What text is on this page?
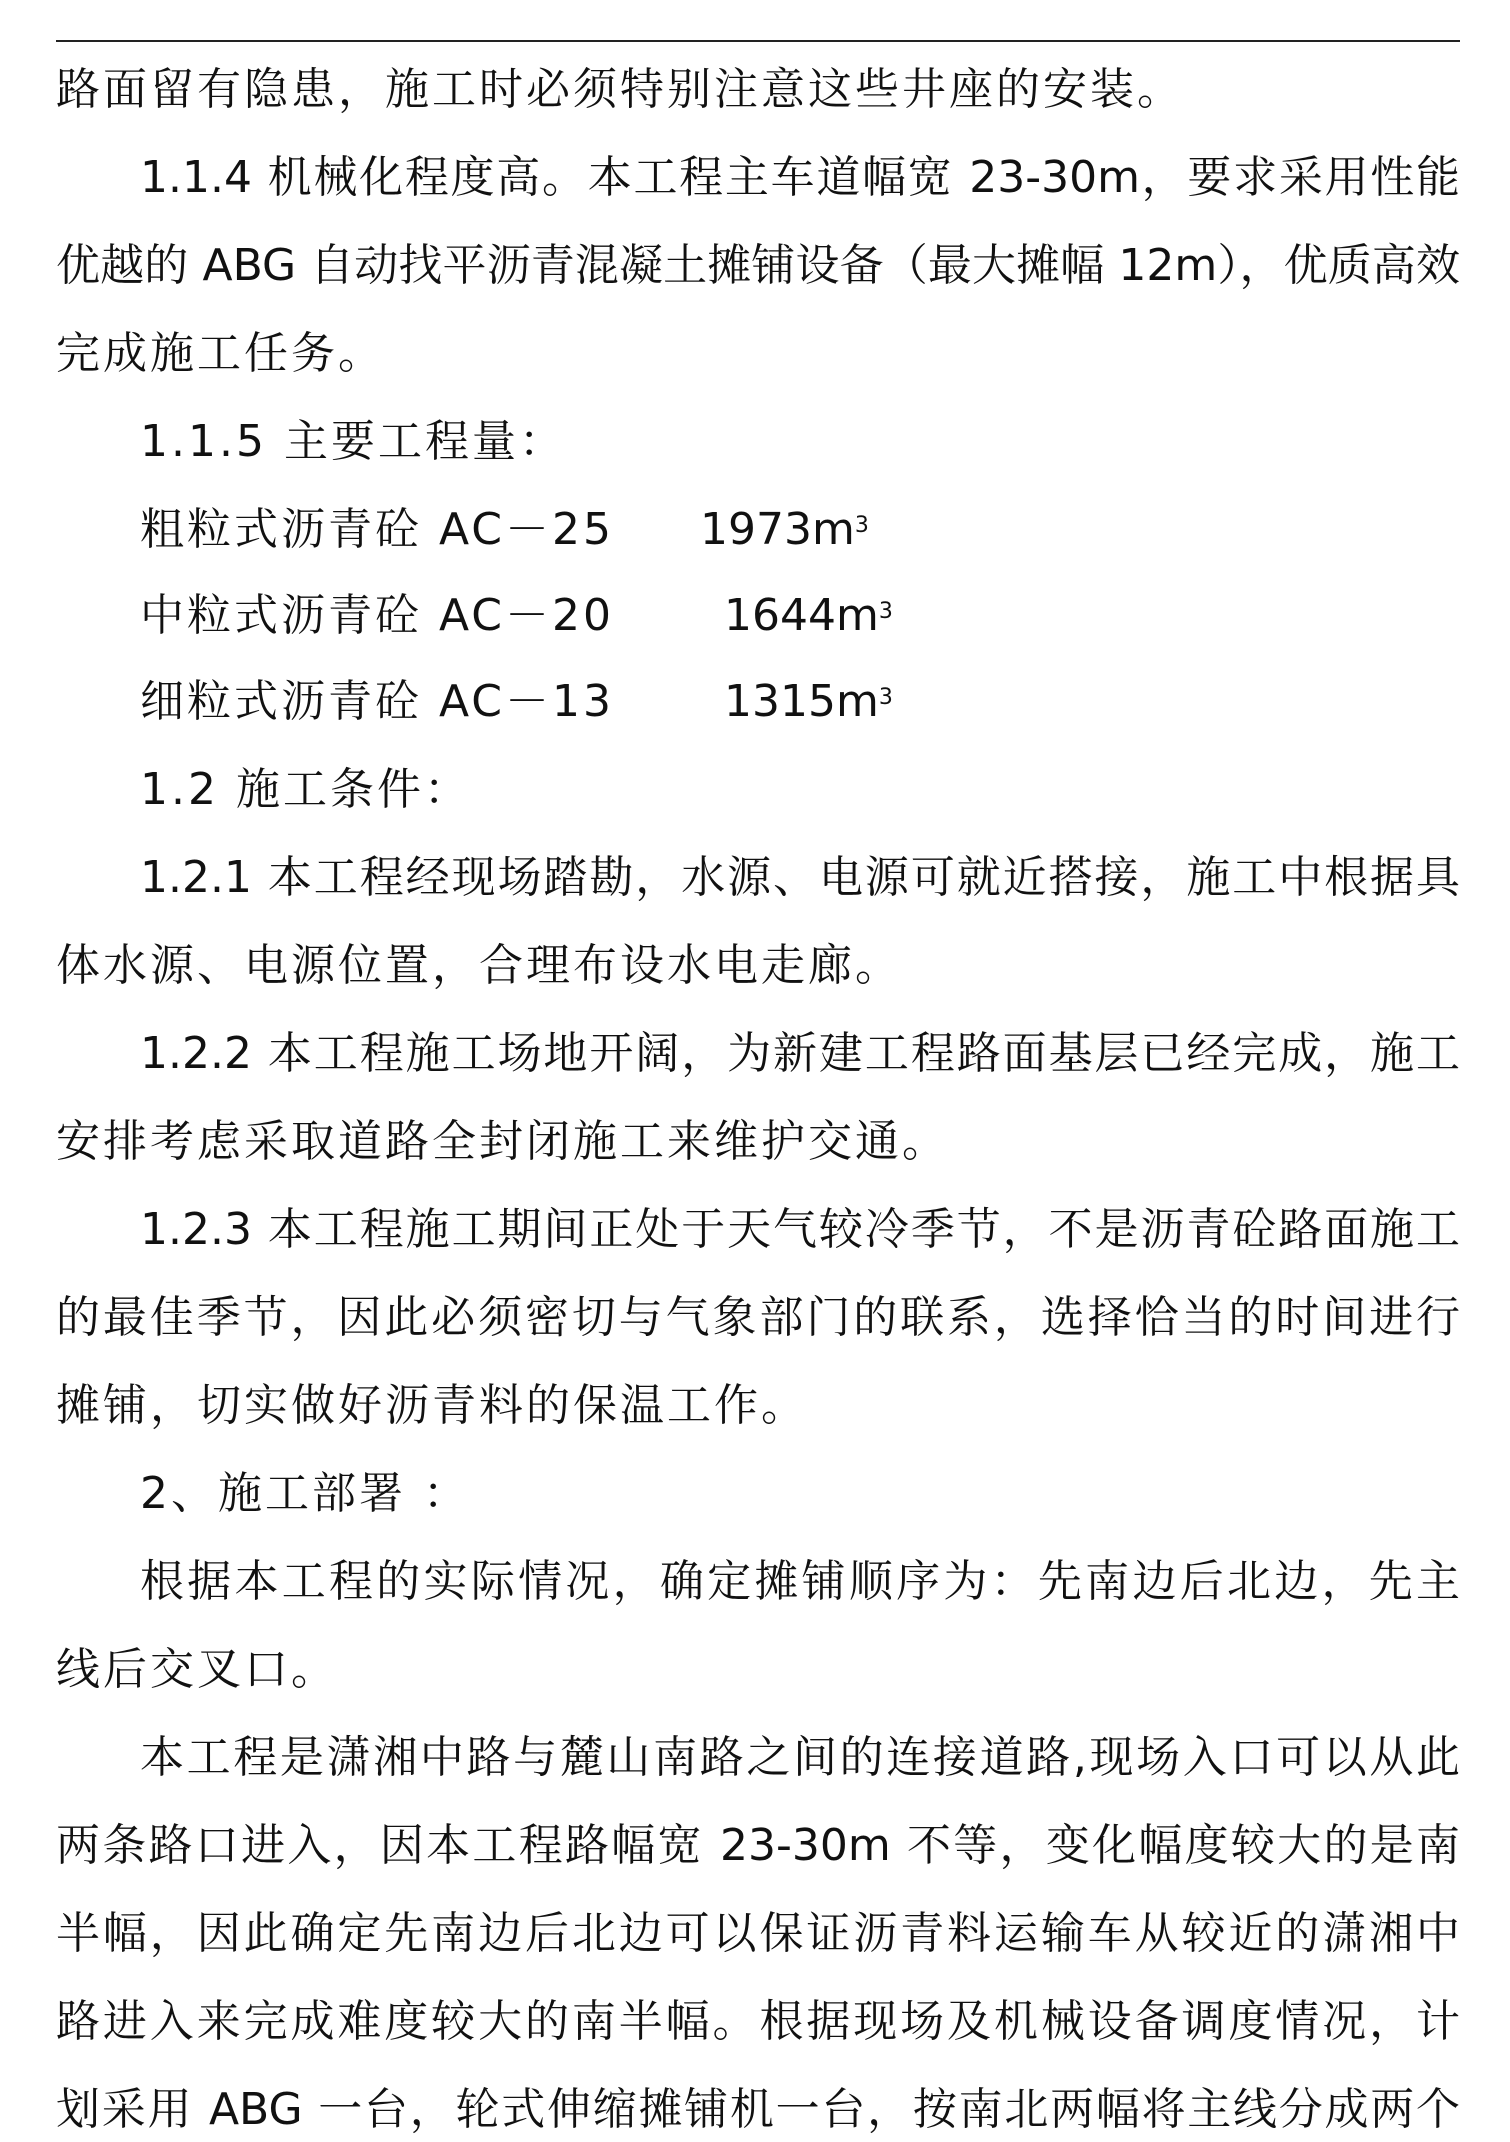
路面留有隐患，施工时必须特别注意这些井座的安装。
1.1.4 机械化程度高。本工程主车道幅宽 23-30m，要求采用性能
优越的 ABG 自动找平沥青混凝土摊铺设备（最大摊幅 12m），优质高效
完成施工任务。
1.1.5 主要工程量：
粗粒式沥青砼 AC－25 $1973m^3$
中粒式沥青砼 AC－20 $1644m^3$
细粒式沥青砼 AC－13 $1315m^3$
1.2 施工条件：
1.2.1 本工程经现场踏勘，水源、电源可就近搭接，施工中根据具
体水源、电源位置，合理布设水电走廊。
1.2.2 本工程施工场地开阔，为新建工程路面基层已经完成，施工
安排考虑采取道路全封闭施工来维护交通。
1.2.3 本工程施工期间正处于天气较冷季节，不是沥青砼路面施工
的最佳季节，因此必须密切与气象部门的联系，选择恰当的时间进行
摊铺，切实做好沥青料的保温工作。
2、施工部署 ：
根据本工程的实际情况，确定摊铺顺序为：先南边后北边，先主
线后交叉口。
本工程是潇湘中路与麓山南路之间的连接道路,现场入口可以从此
两条路口进入，因本工程路幅宽 23-30m 不等，变化幅度较大的是南
半幅，因此确定先南边后北边可以保证沥青料运输车从较近的潇湘中
路进入来完成难度较大的南半幅。根据现场及机械设备调度情况，计
划采用 ABG 一台，轮式伸缩摊铺机一台，按南北两幅将主线分成两个
